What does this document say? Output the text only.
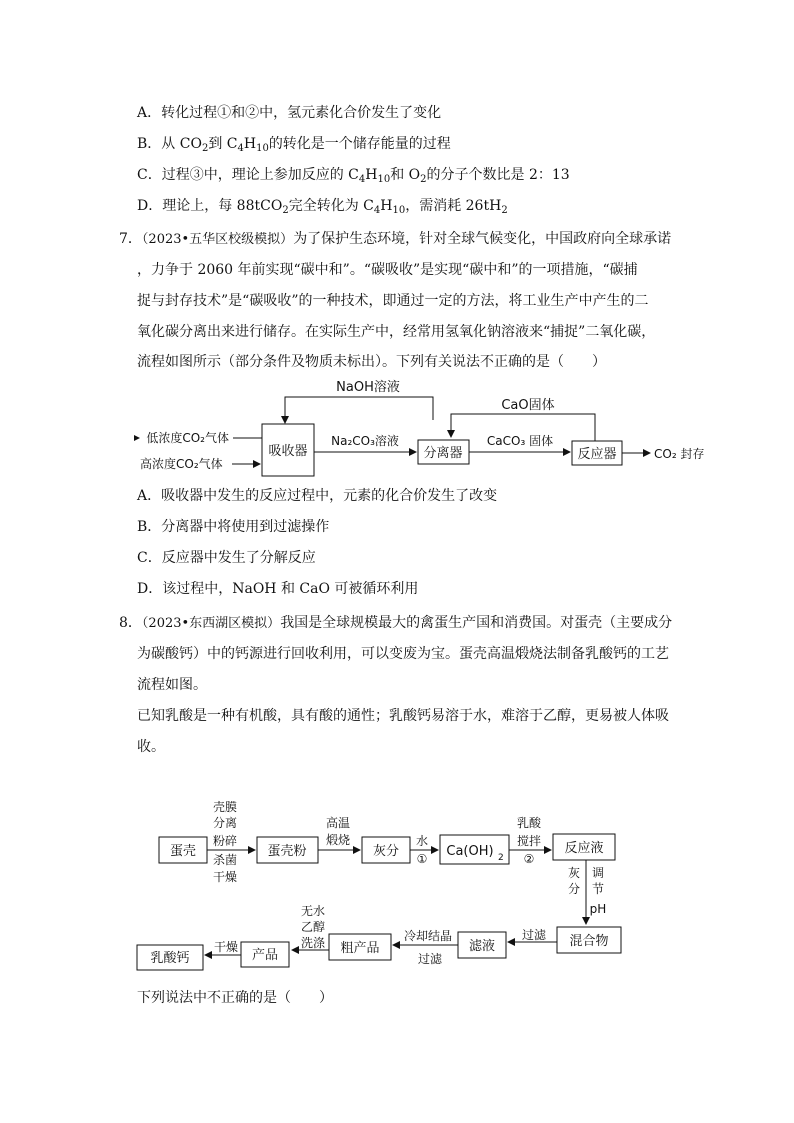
A．转化过程①和②中，氢元素化合价发生了变化
B．从 $CO_2$到 $C_4H_{10}$的转化是一个储存能量的过程
C．过程③中，理论上参加反应的 $C_4H_{10}$和 $O_2$的分子个数比是 2：13
D．理论上，每 88tCO$_2$完全转化为 $C_4H_{10}$，需消耗 $26tH_2$
7．（2023•五华区校级模拟）为了保护生态环境，针对全球气候变化，中国政府向全球承诺
，力争于 2060 年前实现“碳中和”。“碳吸收”是实现“碳中和”的一项措施，“碳捕
捉与封存技术”是“碳吸收”的一种技术，即通过一定的方法，将工业生产中产生的二
氧化碳分离出来进行储存。在实际生产中，经常用氢氧化钠溶液来“捕捉”二氧化碳，
流程如图所示（部分条件及物质未标出）。下列有关说法不正确的是（　　）
NaOH溶液
CaO固体
吸收器
低浓度CO₂气体
高浓度CO₂气体
Na₂CO₃溶液
分离器
CaCO₃ 固体
反应器	CO₂ 封存
A．吸收器中发生的反应过程中，元素的化合价发生了改变
B．分离器中将使用到过滤操作
C．反应器中发生了分解反应
D．该过程中，NaOH 和 CaO 可被循环利用
8．（2023•东西湖区模拟）我国是全球规模最大的禽蛋生产国和消费国。对蛋壳（主要成分
为碳酸钙）中的钙源进行回收利用，可以变废为宝。蛋壳高温煅烧法制备乳酸钙的工艺
流程如图。
已知乳酸是一种有机酸，具有酸的通性；乳酸钙易溶于水，难溶于乙醇，更易被人体吸
收。
蛋壳
壳膜
分离
粉碎
杀菌
干燥
蛋壳粉
高温
煅烧
灰分
水
① Ca(OH) 2
乳酸
搅拌
②
反应液
灰
分
调
节
pH
混合物
过滤
滤液
冷却结晶
过滤
粗产品
无水
乙醇
洗涤
产品
干燥
乳酸钙
下列说法中不正确的是（　　）
